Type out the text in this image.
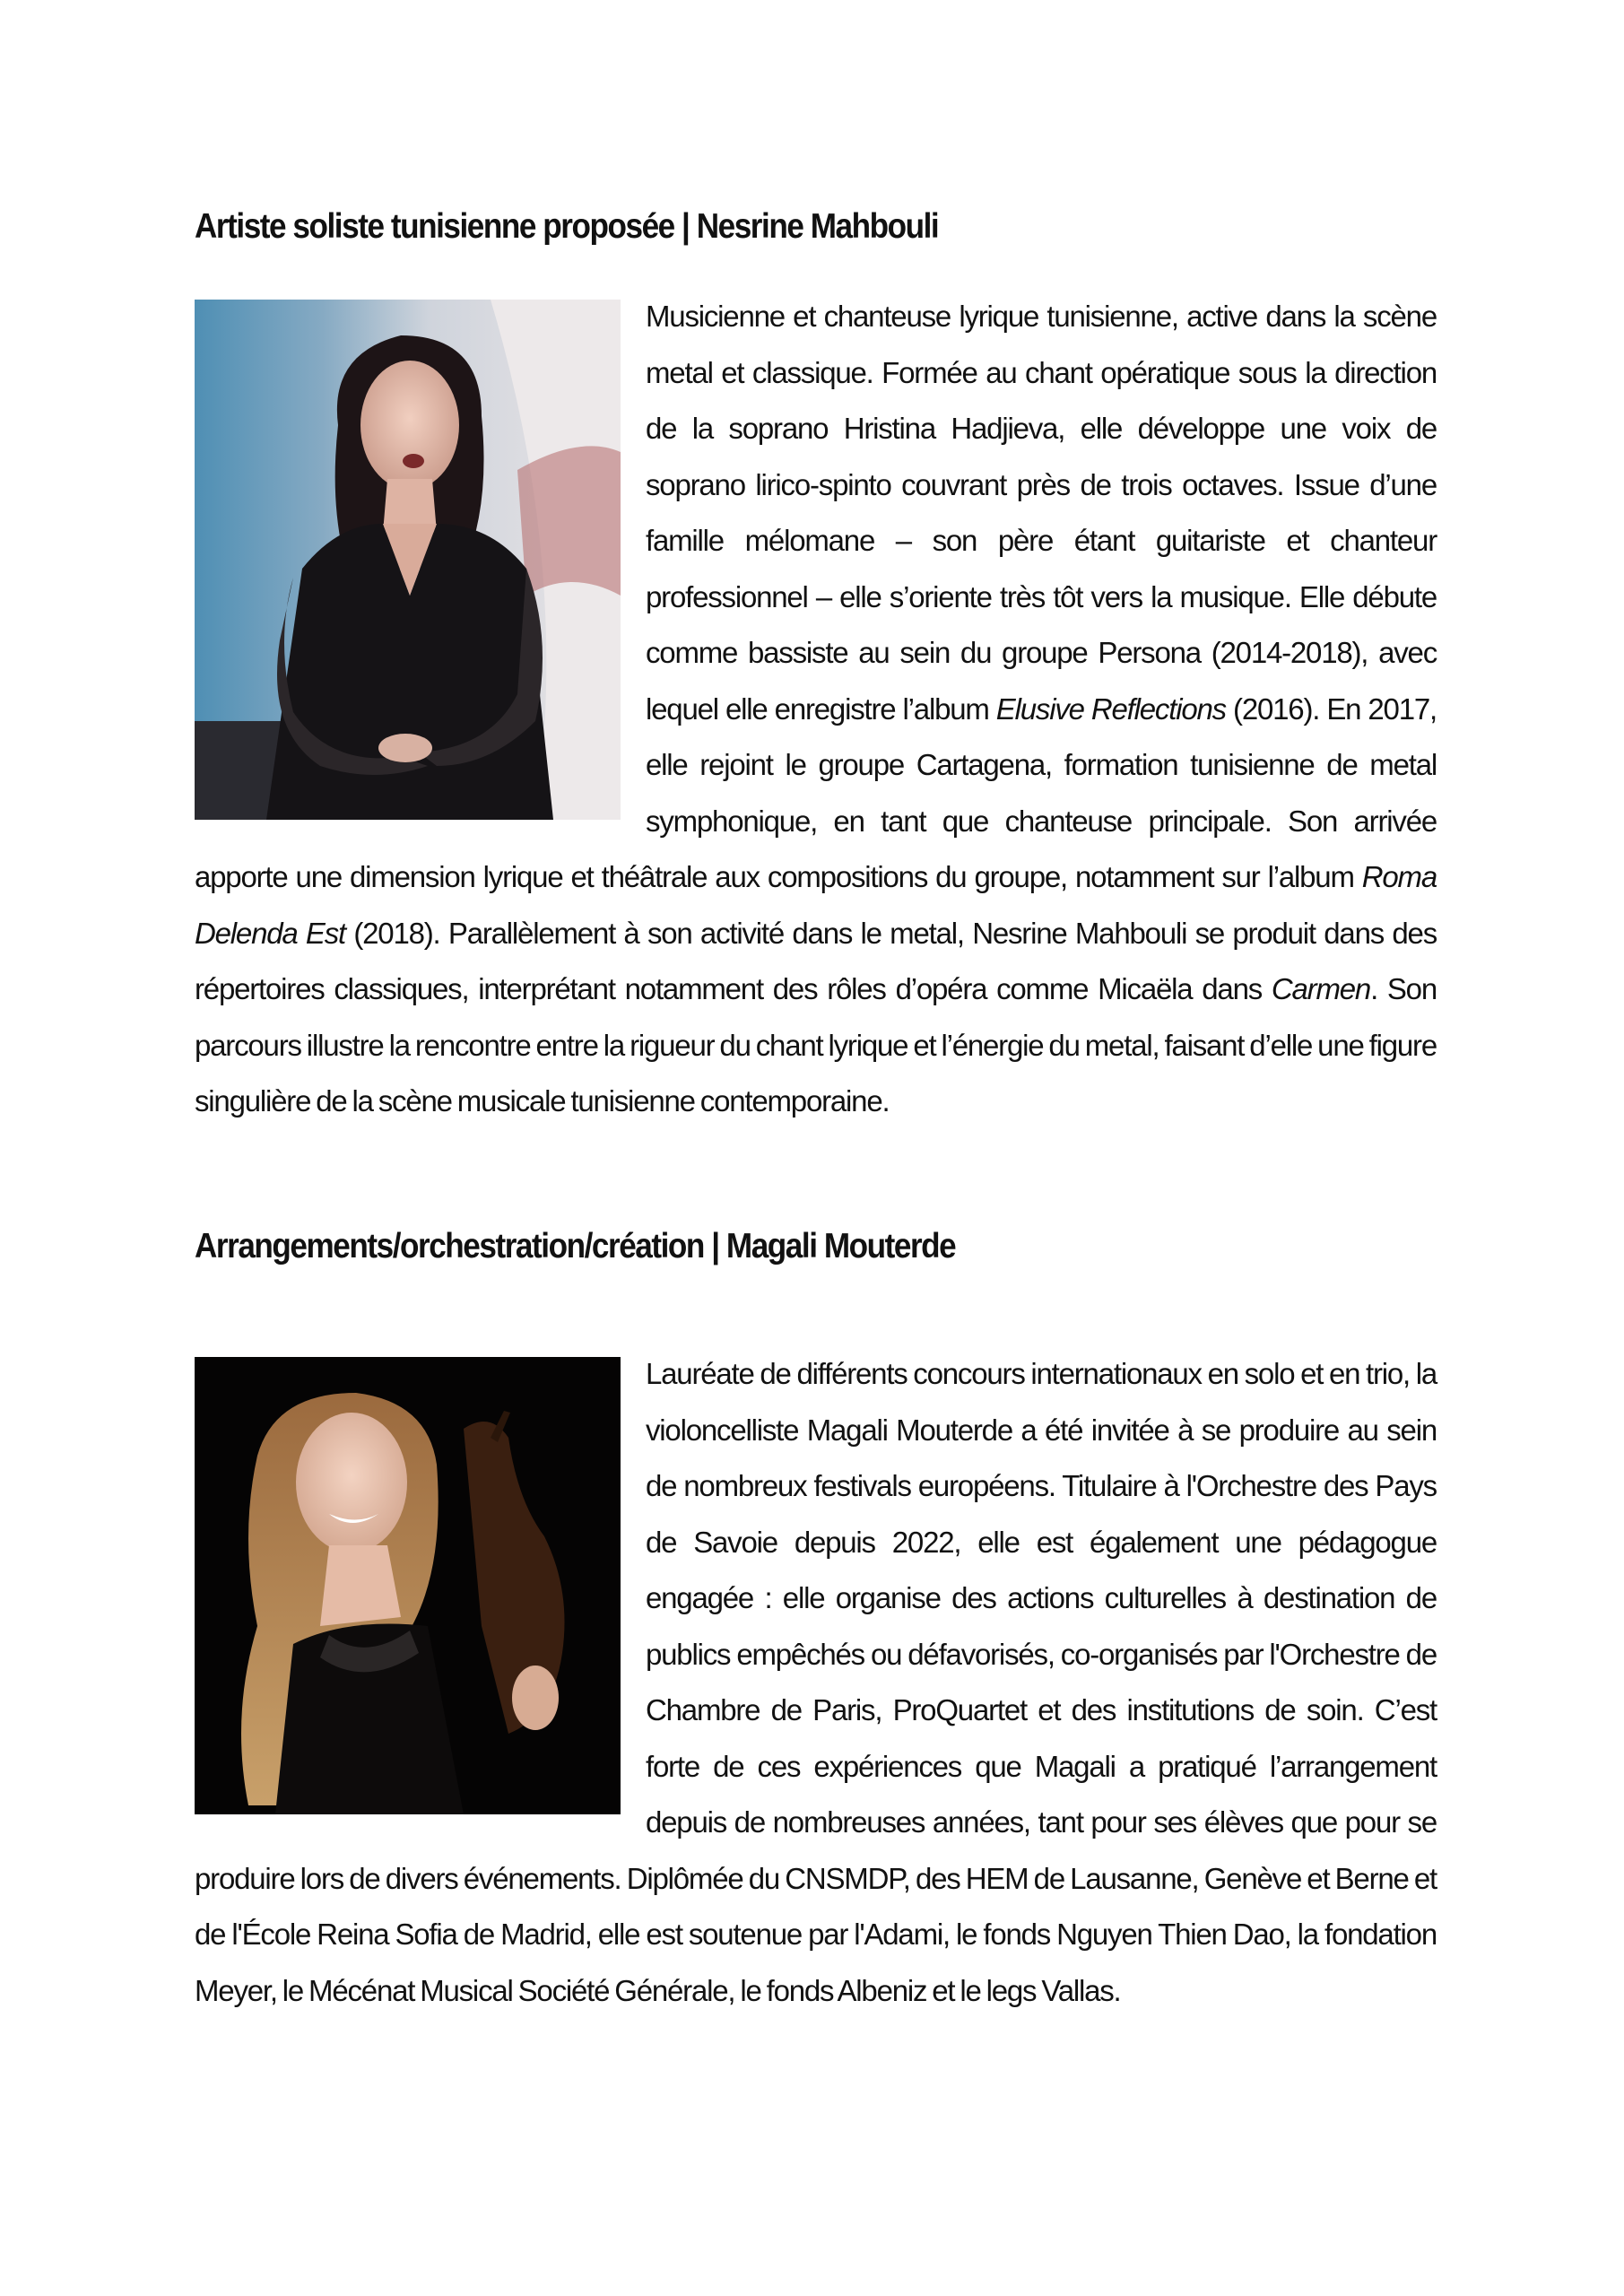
Artiste soliste tunisienne proposée | Nesrine Mahbouli

Musicienne et chanteuse lyrique tunisienne, active dans la scène metal et classique. Formée au chant opératique sous la direction de la soprano Hristina Hadjieva, elle développe une voix de soprano lirico-spinto couvrant près de trois octaves. Issue d’une famille mélomane – son père étant guitariste et chanteur professionnel – elle s’oriente très tôt vers la musique. Elle débute comme bassiste au sein du groupe Persona (2014-2018), avec lequel elle enregistre l’album Elusive Reflections (2016). En 2017, elle rejoint le groupe Cartagena, formation tunisienne de metal symphonique, en tant que chanteuse principale. Son arrivée apporte une dimension lyrique et théâtrale aux compositions du groupe, notamment sur l’album Roma Delenda Est (2018). Parallèlement à son activité dans le metal, Nesrine Mahbouli se produit dans des répertoires classiques, interprétant notamment des rôles d’opéra comme Micaëla dans Carmen. Son parcours illustre la rencontre entre la rigueur du chant lyrique et l’énergie du metal, faisant d’elle une figure singulière de la scène musicale tunisienne contemporaine.

Arrangements/orchestration/création | Magali Mouterde

Lauréate de différents concours internationaux en solo et en trio, la violoncelliste Magali Mouterde a été invitée à se produire au sein de nombreux festivals européens. Titulaire à l'Orchestre des Pays de Savoie depuis 2022, elle est également une pédagogue engagée : elle organise des actions culturelles à destination de publics empêchés ou défavorisés, co-organisés par l'Orchestre de Chambre de Paris, ProQuartet et des institutions de soin. C’est forte de ces expériences que Magali a pratiqué l’arrangement depuis de nombreuses années, tant pour ses élèves que pour se produire lors de divers événements. Diplômée du CNSMDP, des HEM de Lausanne, Genève et Berne et de l'École Reina Sofia de Madrid, elle est soutenue par l'Adami, le fonds Nguyen Thien Dao, la fondation Meyer, le Mécénat Musical Société Générale, le fonds Albeniz et le legs Vallas.
